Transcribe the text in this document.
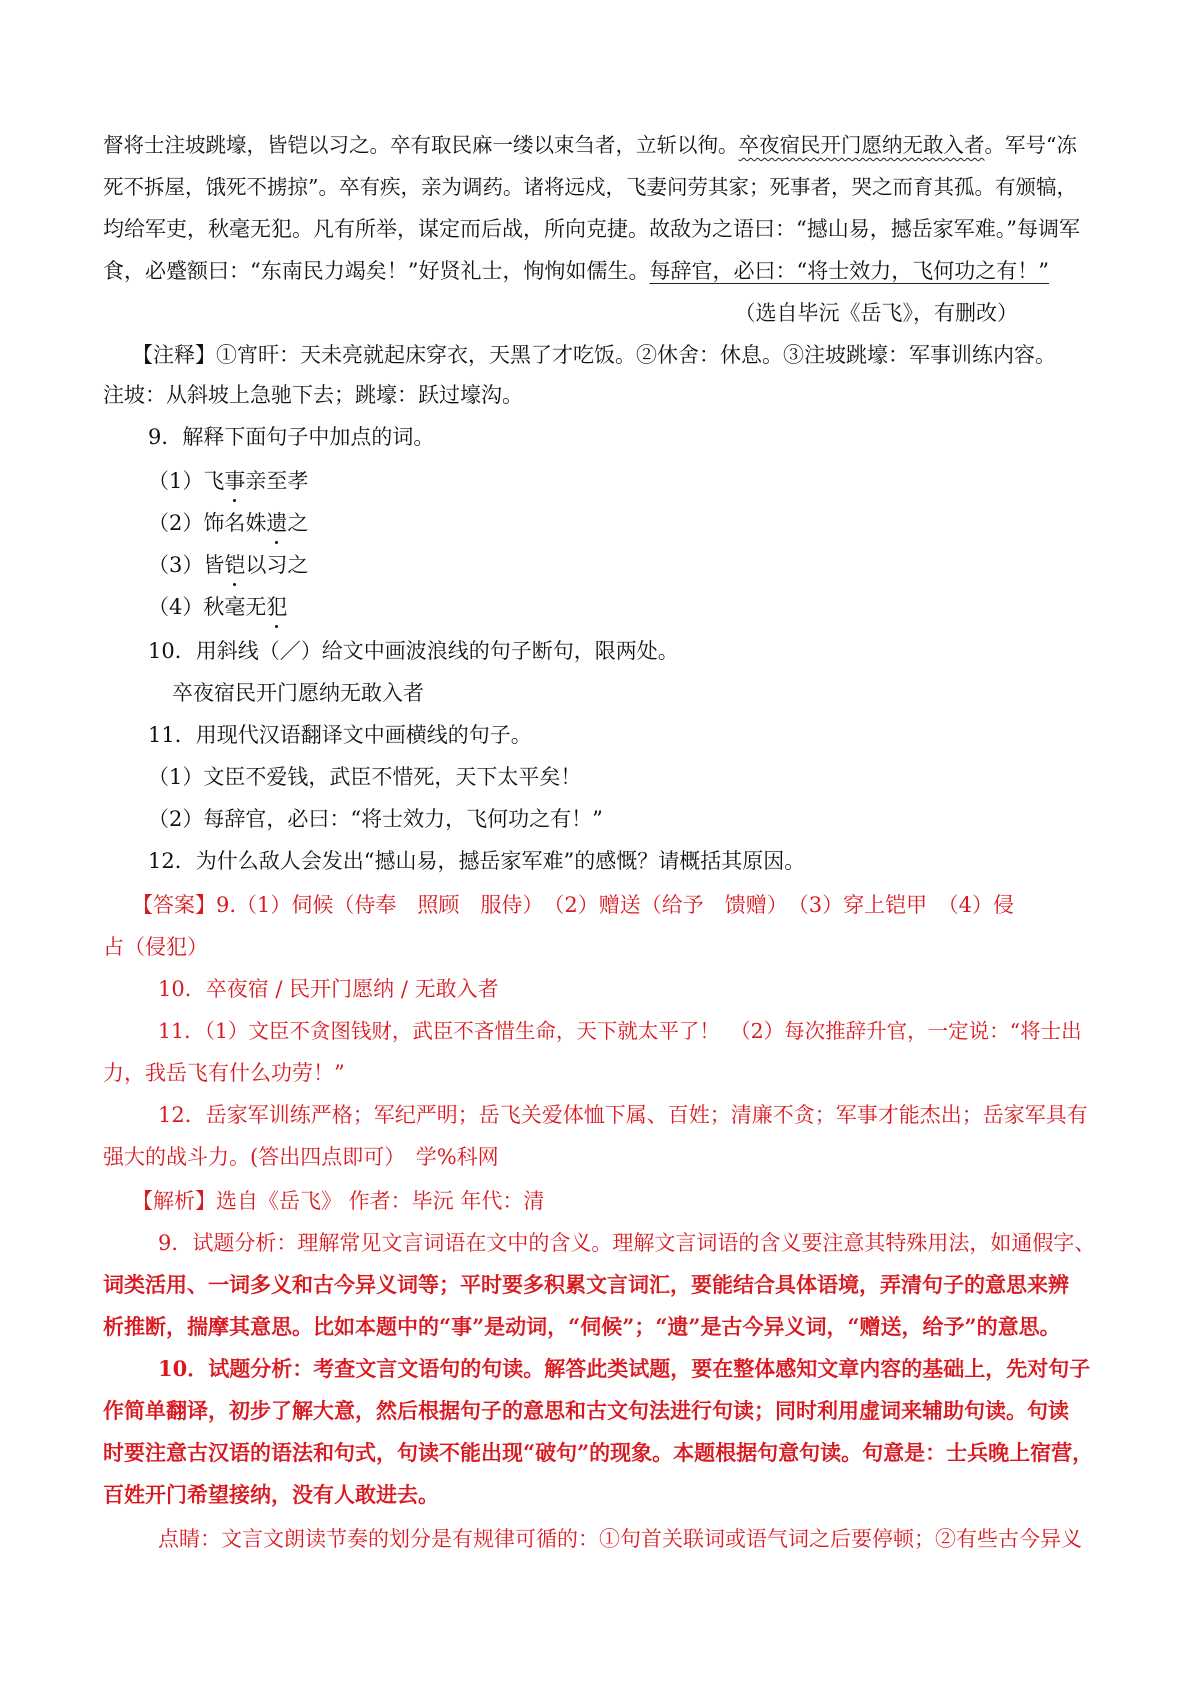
督将士注坡跳壕，皆铠以习之。卒有取民麻一缕以束刍者，立斩以徇。卒夜宿民开门愿纳无敢入者。军号“冻
死不拆屋，饿死不掳掠”。卒有疾，亲为调药。诸将远戍，飞妻问劳其家；死事者，哭之而育其孤。有颁犒，
均给军吏，秋毫无犯。凡有所举，谋定而后战，所向克捷。故敌为之语曰：“撼山易，撼岳家军难。”每调军
食，必蹙额曰：“东南民力竭矣！”好贤礼士，恂恂如儒生。每辞官，必曰：“将士效力，飞何功之有！”
（选自毕沅《岳飞》，有删改）
【注释】①宵旰：天未亮就起床穿衣，天黑了才吃饭。②休舍：休息。③注坡跳壕：军事训练内容。
注坡：从斜坡上急驰下去；跳壕：跃过壕沟。
9．解释下面句子中加点的词。
（1）飞事亲至孝
（2）饰名姝遗之
（3）皆铠以习之
（4）秋毫无犯
10．用斜线（／）给文中画波浪线的句子断句，限两处。
卒夜宿民开门愿纳无敢入者
11．用现代汉语翻译文中画横线的句子。
（1）文臣不爱钱，武臣不惜死，天下太平矣！
（2）每辞官，必曰：“将士效力，飞何功之有！”
12．为什么敌人会发出“撼山易，撼岳家军难”的感慨？请概括其原因。
【答案】9.（1）伺候（侍奉　照顾　服侍）　（2）赠送（给予　馈赠）　（3）穿上铠甲　（4）侵
占（侵犯）
10．卒夜宿 / 民开门愿纳 / 无敢入者
11．（1）文臣不贪图钱财，武臣不吝惜生命，天下就太平了！　（2）每次推辞升官，一定说：“将士出
力，我岳飞有什么功劳！”
12．岳家军训练严格；军纪严明；岳飞关爱体恤下属、百姓；清廉不贪；军事才能杰出；岳家军具有
强大的战斗力。(答出四点即可）　学%科网
【解析】选自《岳飞》 作者：毕沅 年代：清
9．试题分析：理解常见文言词语在文中的含义。理解文言词语的含义要注意其特殊用法，如通假字、
词类活用、一词多义和古今异义词等；平时要多积累文言词汇，要能结合具体语境，弄清句子的意思来辨
析推断，揣摩其意思。比如本题中的“事”是动词，“伺候”；“遗”是古今异义词，“赠送，给予”的意思。
10．试题分析：考查文言文语句的句读。解答此类试题，要在整体感知文章内容的基础上，先对句子
作简单翻译，初步了解大意，然后根据句子的意思和古文句法进行句读；同时利用虚词来辅助句读。句读
时要注意古汉语的语法和句式，句读不能出现“破句”的现象。本题根据句意句读。句意是：士兵晚上宿营，
百姓开门希望接纳，没有人敢进去。
点睛：文言文朗读节奏的划分是有规律可循的：①句首关联词或语气词之后要停顿；②有些古今异义
